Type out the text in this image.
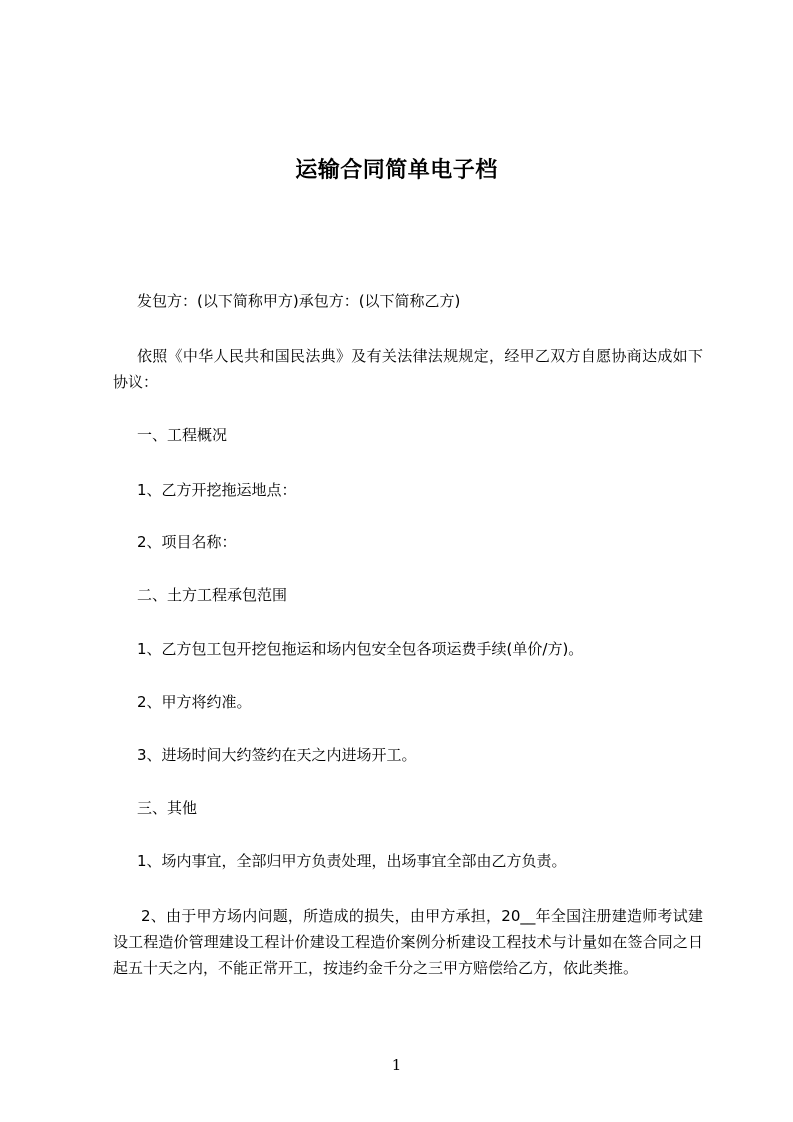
运输合同简单电子档

发包方：(以下简称甲方)承包方：(以下简称乙方)

依照《中华人民共和国民法典》及有关法律法规规定，经甲乙双方自愿协商达成如下协议：

一、工程概况

1、乙方开挖拖运地点：

2、项目名称：

二、土方工程承包范围

1、乙方包工包开挖包拖运和场内包安全包各项运费手续(单价/方)。

2、甲方将约准。

3、进场时间大约签约在天之内进场开工。

三、其他

1、场内事宜，全部归甲方负责处理，出场事宜全部由乙方负责。

2、由于甲方场内问题，所造成的损失，由甲方承担，20__年全国注册建造师考试建设工程造价管理建设工程计价建设工程造价案例分析建设工程技术与计量如在签合同之日起五十天之内，不能正常开工，按违约金千分之三甲方赔偿给乙方，依此类推。

1
